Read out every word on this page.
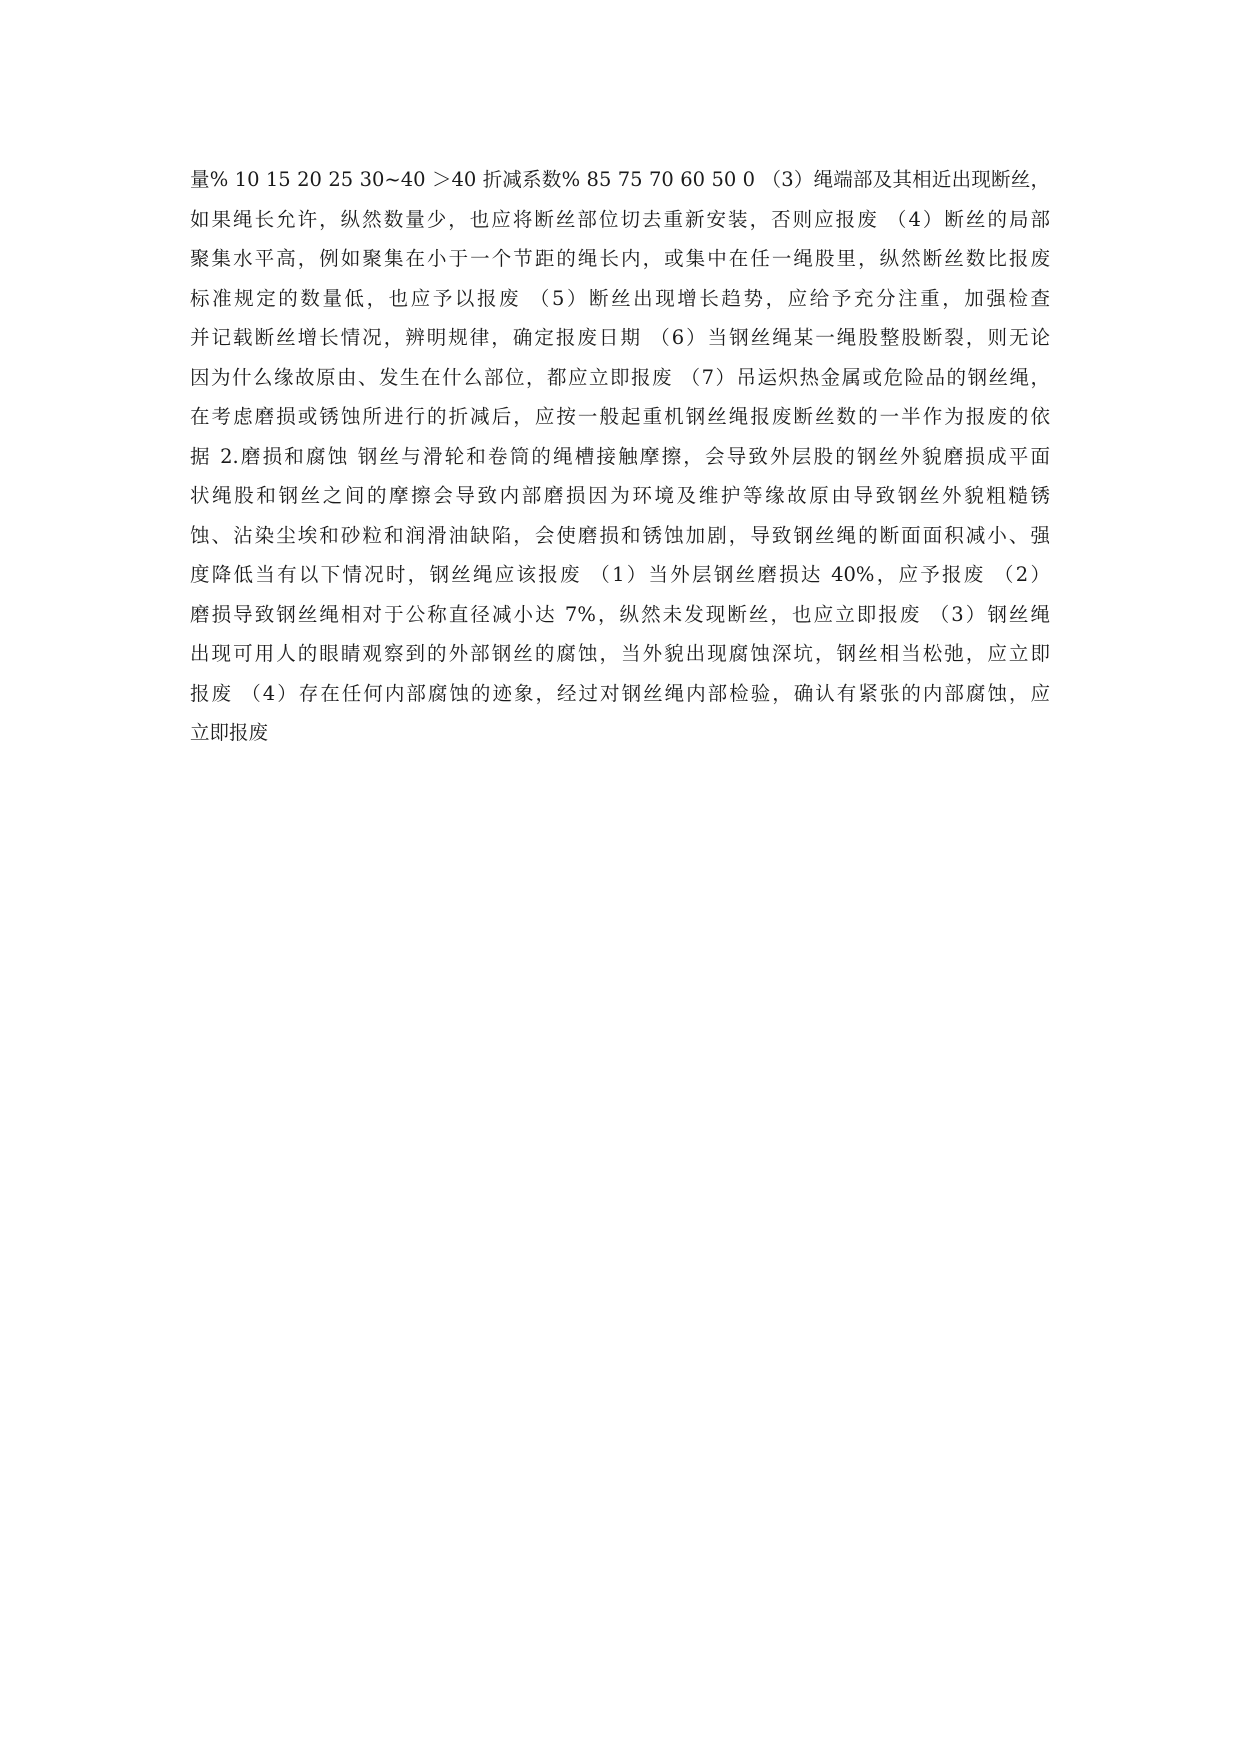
量% 10 15 20 25 30~40 ＞40 折减系数% 85 75 70 60 50 0 （3）绳端部及其相近出现断丝，
如果绳长允许，纵然数量少，也应将断丝部位切去重新安装，否则应报废 （4）断丝的局部
聚集水平高，例如聚集在小于一个节距的绳长内，或集中在任一绳股里，纵然断丝数比报废
标准规定的数量低，也应予以报废 （5）断丝出现增长趋势，应给予充分注重，加强检查
并记载断丝增长情况，辨明规律，确定报废日期 （6）当钢丝绳某一绳股整股断裂，则无论
因为什么缘故原由、发生在什么部位，都应立即报废 （7）吊运炽热金属或危险品的钢丝绳，
在考虑磨损或锈蚀所进行的折减后，应按一般起重机钢丝绳报废断丝数的一半作为报废的依
据 2.磨损和腐蚀 钢丝与滑轮和卷筒的绳槽接触摩擦，会导致外层股的钢丝外貌磨损成平面
状绳股和钢丝之间的摩擦会导致内部磨损因为环境及维护等缘故原由导致钢丝外貌粗糙锈
蚀、沾染尘埃和砂粒和润滑油缺陷，会使磨损和锈蚀加剧，导致钢丝绳的断面面积减小、强
度降低当有以下情况时，钢丝绳应该报废 （1）当外层钢丝磨损达 40%，应予报废 （2）
磨损导致钢丝绳相对于公称直径减小达 7%，纵然未发现断丝，也应立即报废 （3）钢丝绳
出现可用人的眼睛观察到的外部钢丝的腐蚀，当外貌出现腐蚀深坑，钢丝相当松弛，应立即
报废 （4）存在任何内部腐蚀的迹象，经过对钢丝绳内部检验，确认有紧张的内部腐蚀，应
立即报废
